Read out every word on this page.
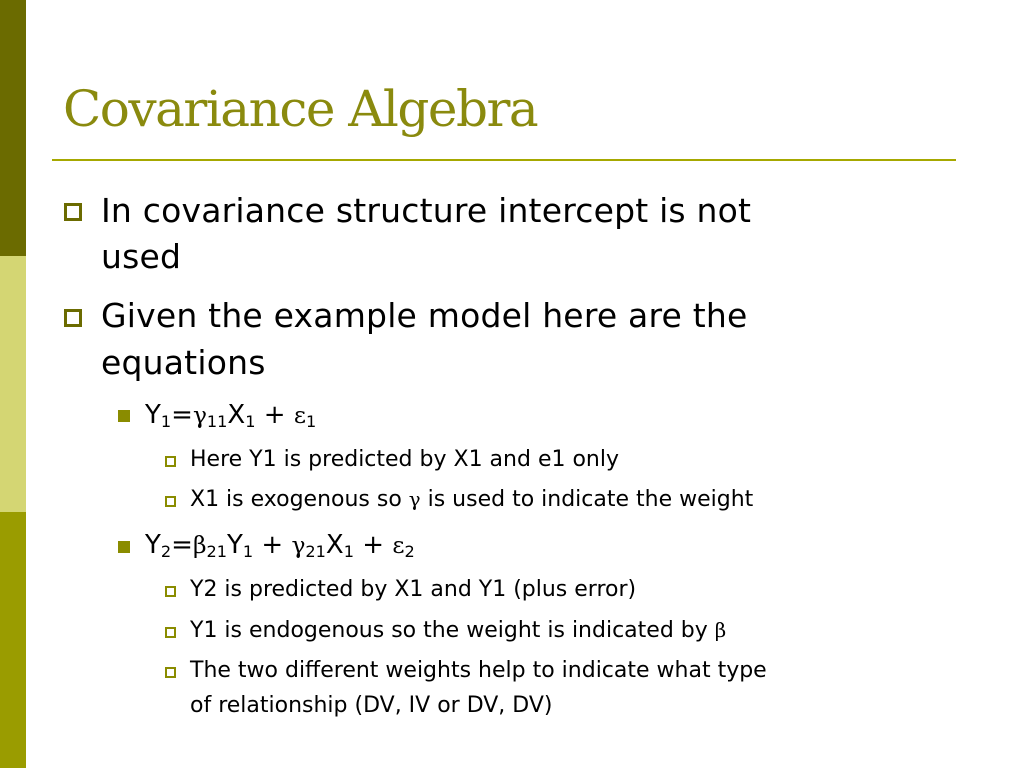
Covariance Algebra
In covariance structure intercept is not
used
Given the example model here are the
equations
$Y_1=\gamma_{11}X_1 + \varepsilon_1$
Here Y1 is predicted by X1 and e1 only
X1 is exogenous so γ is used to indicate the weight
$Y_2=\beta_{21}Y_1 + \gamma_{21}X_1 + \varepsilon_2$
Y2 is predicted by X1 and Y1 (plus error)
Y1 is endogenous so the weight is indicated by β
The two different weights help to indicate what type
of relationship (DV, IV or DV, DV)
